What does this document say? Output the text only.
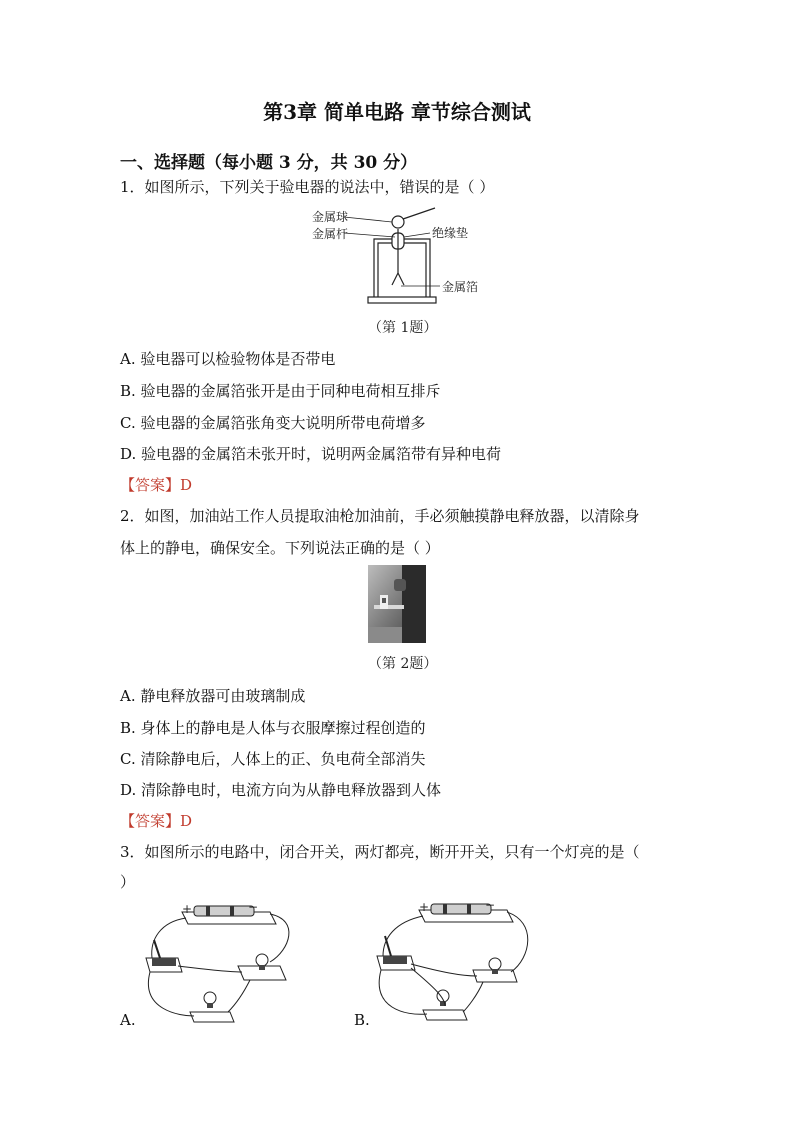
第3章 简单电路 章节综合测试
一、选择题（每小题 3 分，共 30 分）
1．如图所示，下列关于验电器的说法中，错误的是（ ）
金属球
金属杆	绝缘垫
金属箔
（第 1题）
A. 验电器可以检验物体是否带电
B. 验电器的金属箔张开是由于同种电荷相互排斥
C. 验电器的金属箔张角变大说明所带电荷增多
D. 验电器的金属箔未张开时，说明两金属箔带有异种电荷
【答案】D
2．如图，加油站工作人员提取油枪加油前，手必须触摸静电释放器，以清除身
体上的静电，确保安全。下列说法正确的是（ ）
（第 2题）
A. 静电释放器可由玻璃制成
B. 身体上的静电是人体与衣服摩擦过程创造的
C. 清除静电后，人体上的正、负电荷全部消失
D. 清除静电时，电流方向为从静电释放器到人体
【答案】D
3．如图所示的电路中，闭合开关，两灯都亮，断开开关，只有一个灯亮的是（
）
+	−
A.
+	−
B.
